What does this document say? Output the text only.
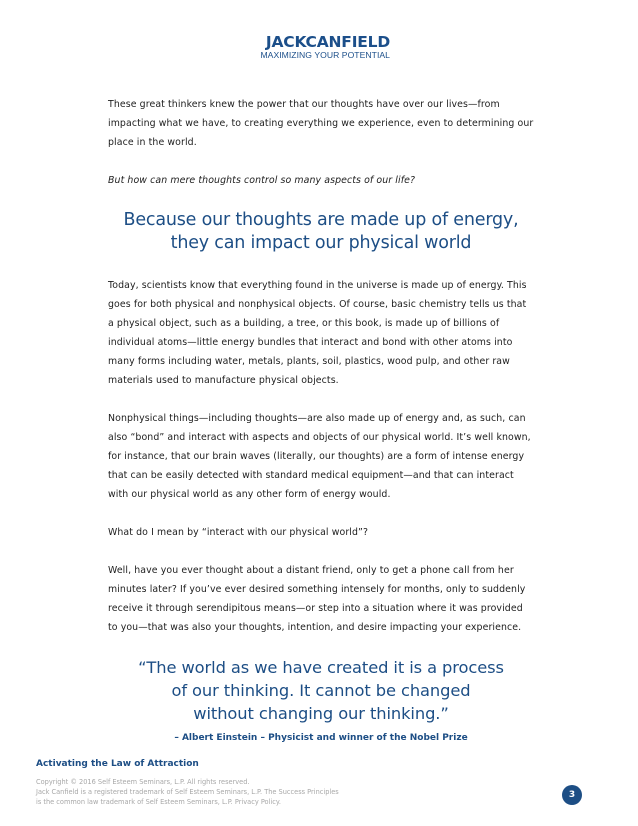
JACKCANFIELD
MAXIMIZING YOUR POTENTIAL

These great thinkers knew the power that our thoughts have over our lives—from impacting what we have, to creating everything we experience, even to determining our place in the world.

But how can mere thoughts control so many aspects of our life?

Because our thoughts are made up of energy,
they can impact our physical world

Today, scientists know that everything found in the universe is made up of energy. This goes for both physical and nonphysical objects. Of course, basic chemistry tells us that a physical object, such as a building, a tree, or this book, is made up of billions of individual atoms—little energy bundles that interact and bond with other atoms into many forms including water, metals, plants, soil, plastics, wood pulp, and other raw materials used to manufacture physical objects.

Nonphysical things—including thoughts—are also made up of energy and, as such, can also “bond” and interact with aspects and objects of our physical world. It’s well known, for instance, that our brain waves (literally, our thoughts) are a form of intense energy that can be easily detected with standard medical equipment—and that can interact with our physical world as any other form of energy would.

What do I mean by “interact with our physical world”?

Well, have you ever thought about a distant friend, only to get a phone call from her minutes later? If you’ve ever desired something intensely for months, only to suddenly receive it through serendipitous means—or step into a situation where it was provided to you—that was also your thoughts, intention, and desire impacting your experience.

“The world as we have created it is a process
of our thinking. It cannot be changed
without changing our thinking.”

– Albert Einstein – Physicist and winner of the Nobel Prize

Activating the Law of Attraction
Copyright © 2016 Self Esteem Seminars, L.P. All rights reserved.
Jack Canfield is a registered trademark of Self Esteem Seminars, L.P. The Success Principles
is the common law trademark of Self Esteem Seminars, L.P. Privacy Policy.
3
